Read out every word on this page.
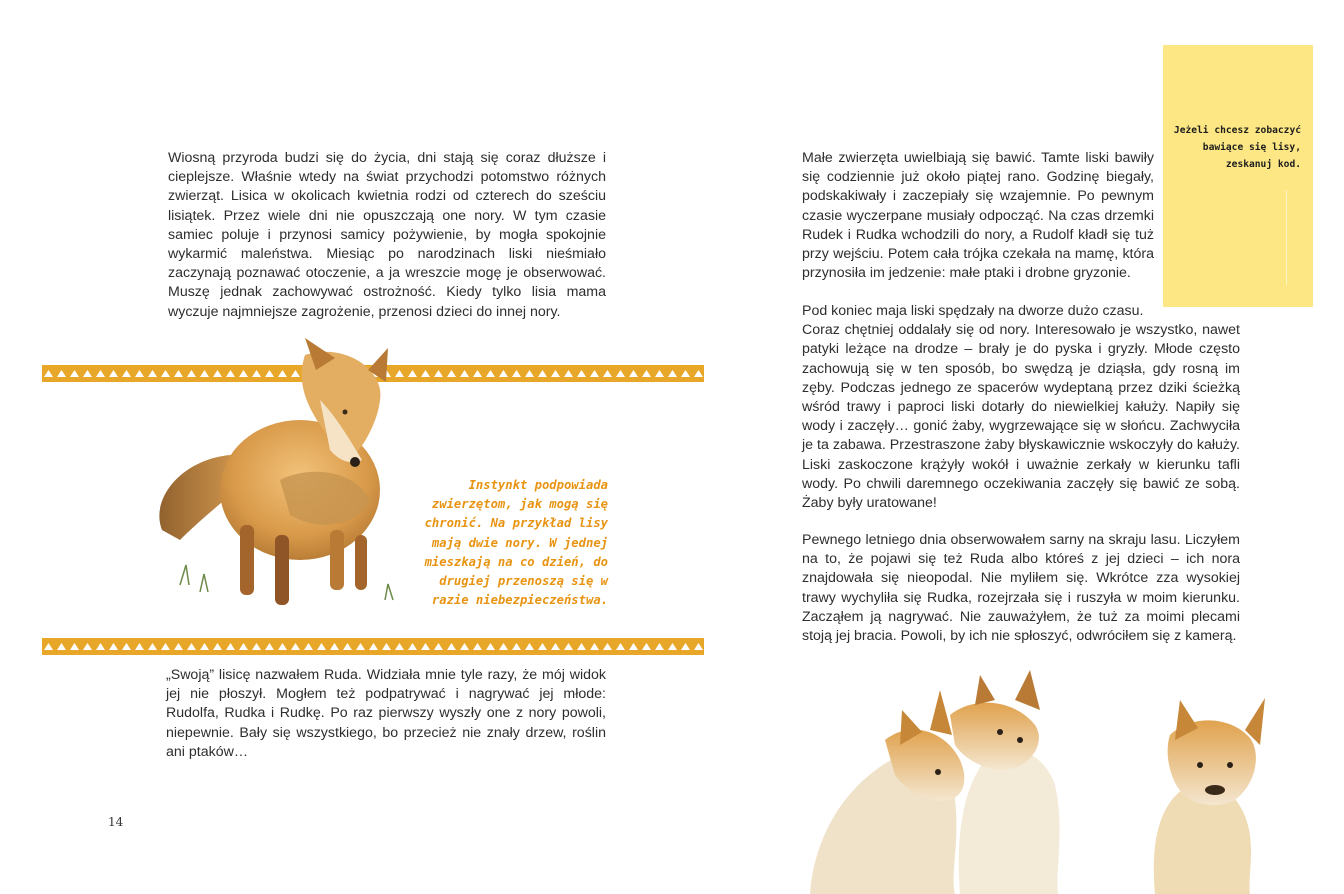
Wiosną przyroda budzi się do życia, dni stają się coraz dłuższe i cieplejsze. Właśnie wtedy na świat przychodzi potomstwo różnych zwierząt. Lisica w okolicach kwietnia rodzi od czterech do sześciu lisiątek. Przez wiele dni nie opuszczają one nory. W tym czasie samiec poluje i przynosi samicy pożywienie, by mogła spokojnie wykarmić maleństwa. Miesiąc po narodzinach liski nieśmiało zaczynają poznawać otoczenie, a ja wreszcie mogę je obserwować. Muszę jednak zachowywać ostrożność. Kiedy tylko lisia mama wyczuje najmniejsze zagrożenie, przenosi dzieci do innej nory.

Instynkt podpowiada zwierzętom, jak mogą się chronić. Na przykład lisy mają dwie nory. W jednej mieszkają na co dzień, do drugiej przenoszą się w razie niebezpieczeństwa.

„Swoją” lisicę nazwałem Ruda. Widziała mnie tyle razy, że mój widok jej nie płoszył. Mogłem też podpatrywać i nagrywać jej młode: Rudolfa, Rudka i Rudkę. Po raz pierwszy wyszły one z nory powoli, niepewnie. Bały się wszystkiego, bo przecież nie znały drzew, roślin ani ptaków…

14

Jeżeli chcesz zobaczyć bawiące się lisy, zeskanuj kod.

Małe zwierzęta uwielbiają się bawić. Tamte liski bawiły się codziennie już około piątej rano. Godzinę biegały, podskakiwały i zaczepiały się wzajemnie. Po pewnym czasie wyczerpane musiały odpocząć. Na czas drzemki Rudek i Rudka wchodzili do nory, a Rudolf kładł się tuż przy wejściu. Potem cała trójka czekała na mamę, która przynosiła im jedzenie: małe ptaki i drobne gryzonie.

Pod koniec maja liski spędzały na dworze dużo czasu.
Coraz chętniej oddalały się od nory. Interesowało je wszystko, nawet patyki leżące na drodze – brały je do pyska i gryzły. Młode często zachowują się w ten sposób, bo swędzą je dziąsła, gdy rosną im zęby. Podczas jednego ze spacerów wydeptaną przez dziki ścieżką wśród trawy i paproci liski dotarły do niewielkiej kałuży. Napiły się wody i zaczęły… gonić żaby, wygrzewające się w słońcu. Zachwyciła je ta zabawa. Przestraszone żaby błyskawicznie wskoczyły do kałuży. Liski zaskoczone krążyły wokół i uważnie zerkały w kierunku tafli wody. Po chwili daremnego oczekiwania zaczęły się bawić ze sobą. Żaby były uratowane!

Pewnego letniego dnia obserwowałem sarny na skraju lasu. Liczyłem na to, że pojawi się też Ruda albo któreś z jej dzieci – ich nora znajdowała się nieopodal. Nie myliłem się. Wkrótce zza wysokiej trawy wychyliła się Rudka, rozejrzała się i ruszyła w moim kierunku. Zacząłem ją nagrywać. Nie zauważyłem, że tuż za moimi plecami stoją jej bracia. Powoli, by ich nie spłoszyć, odwróciłem się z kamerą.
